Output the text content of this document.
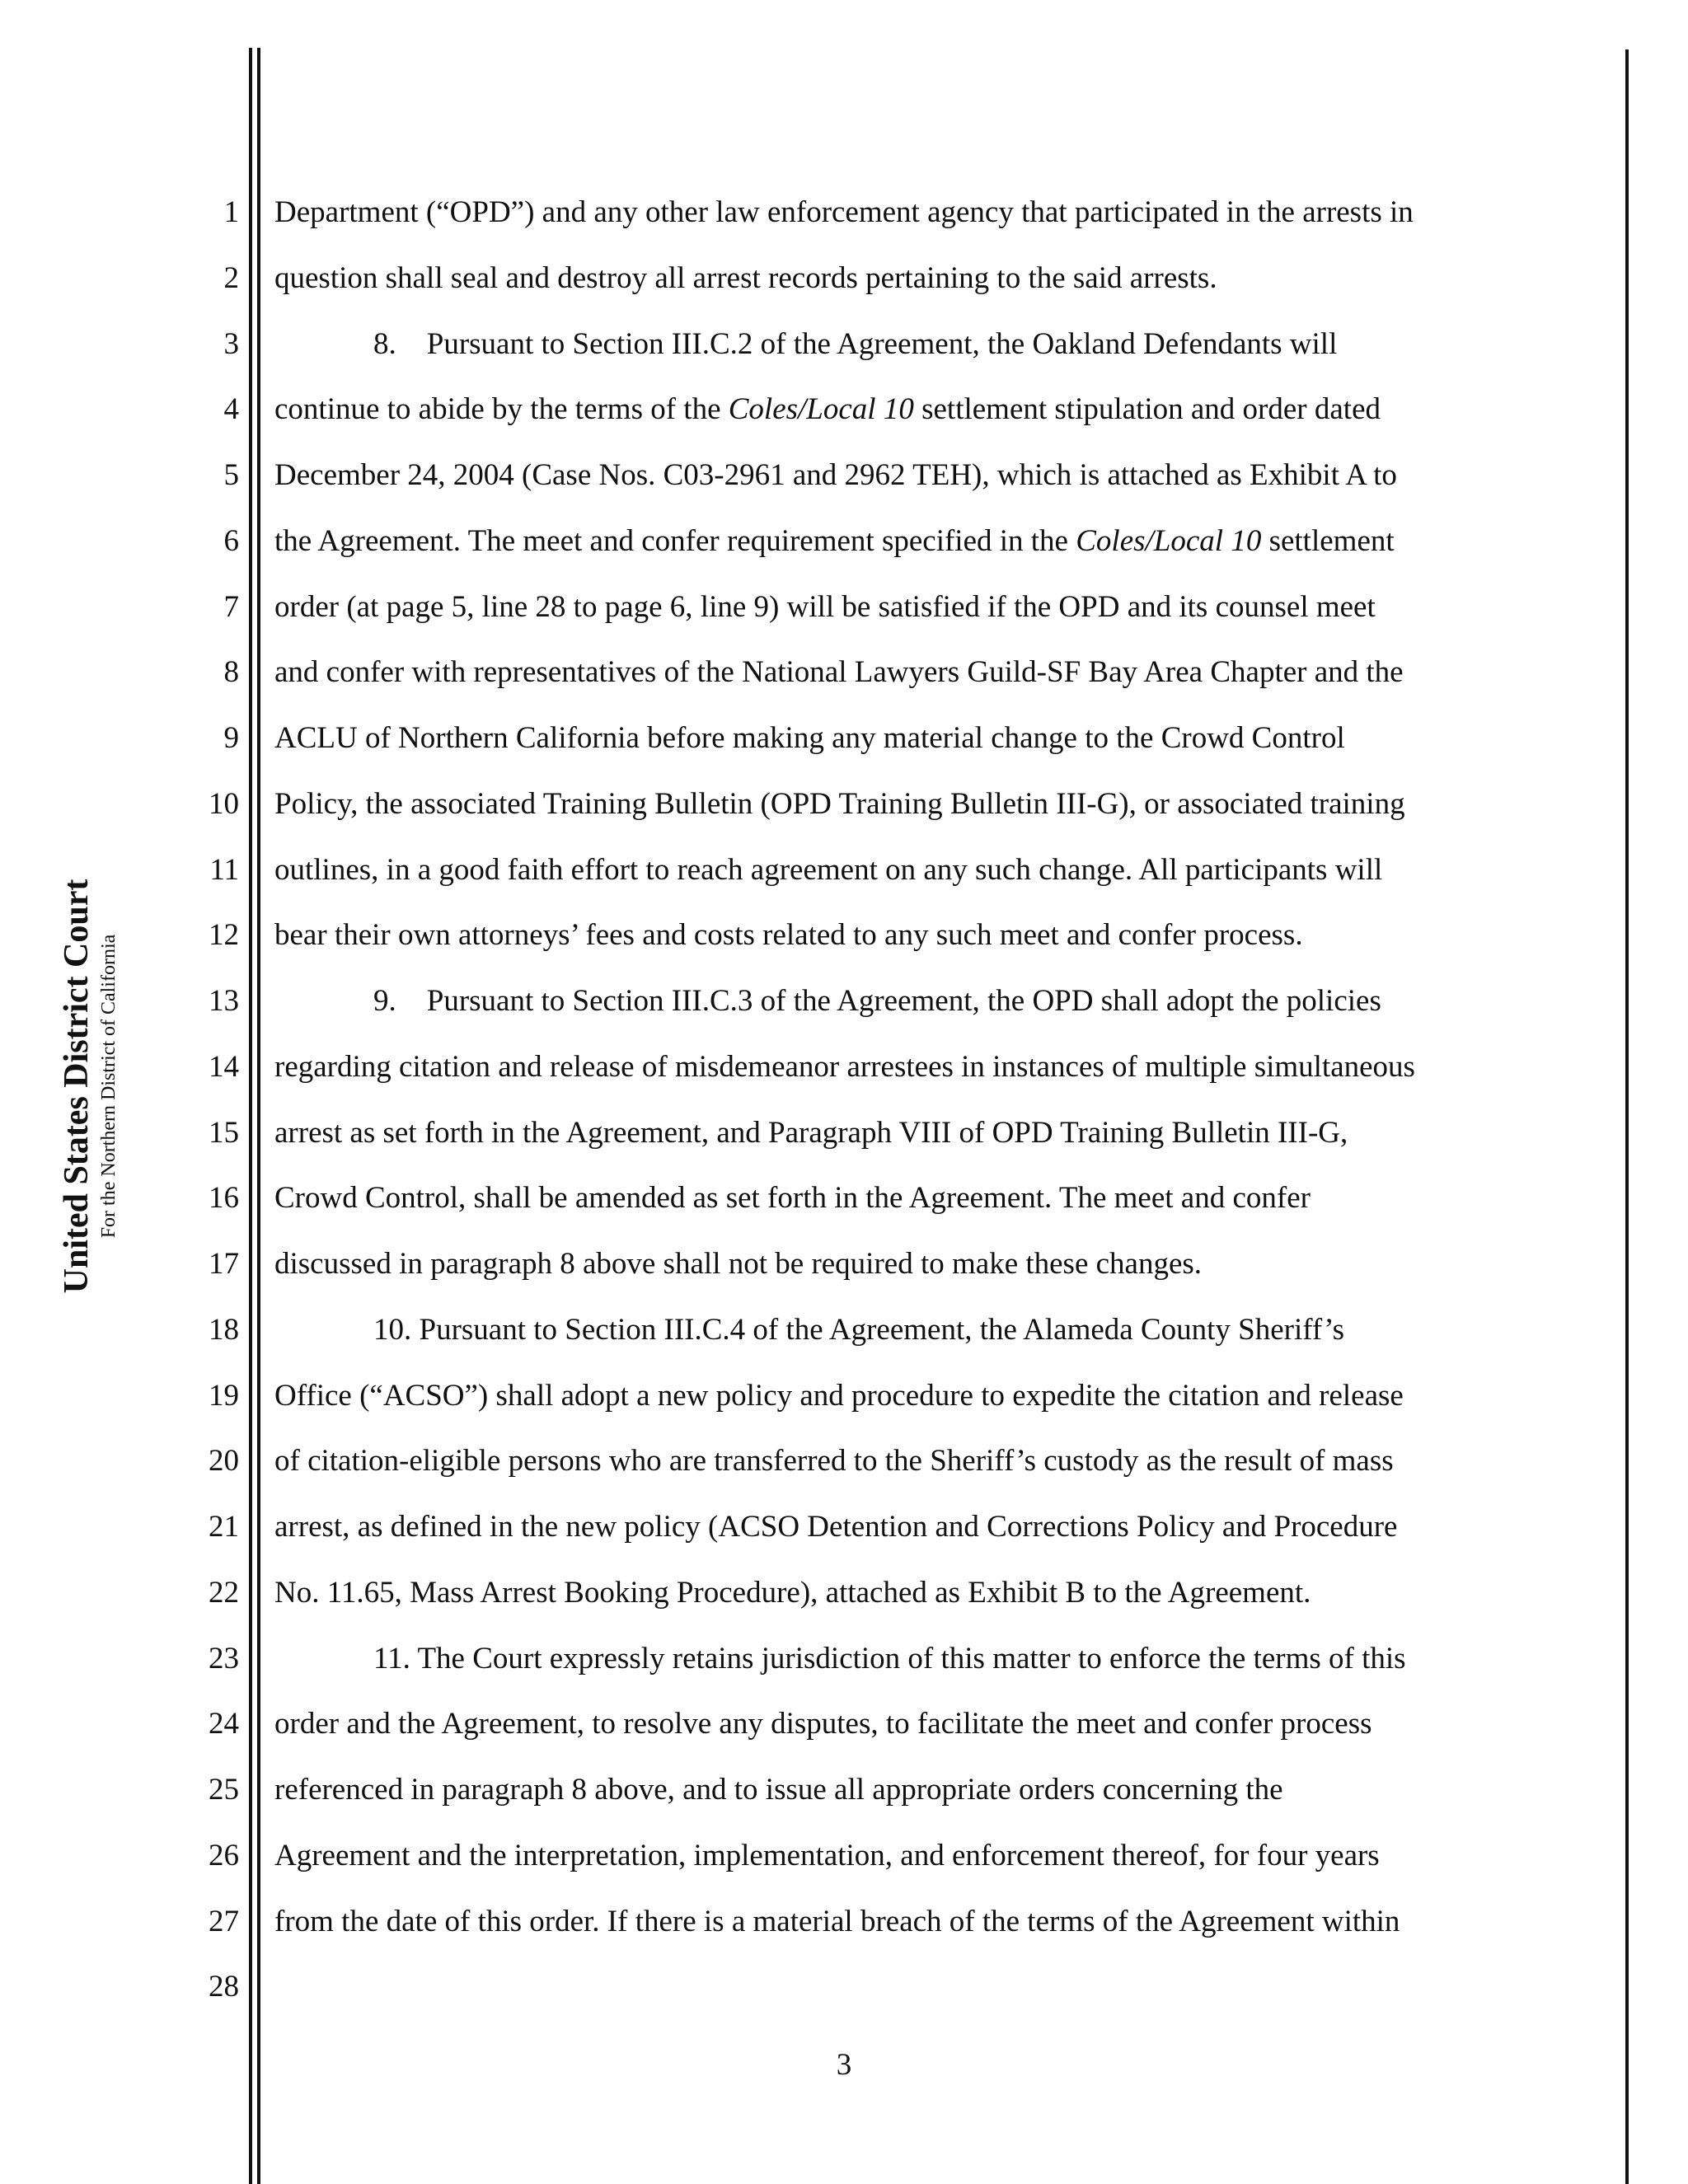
United States District Court For the Northern District of California
1
2
3
4
5
6
7
8
9
10
11
12
13
14
15
16
17
18
19
20
21
22
23
24
25
26
27
28
Department (“OPD”) and any other law enforcement agency that participated in the arrests in
question shall seal and destroy all arrest records pertaining to the said arrests.
8. Pursuant to Section III.C.2 of the Agreement, the Oakland Defendants will
continue to abide by the terms of the Coles/Local 10 settlement stipulation and order dated
December 24, 2004 (Case Nos. C03-2961 and 2962 TEH), which is attached as Exhibit A to
the Agreement. The meet and confer requirement specified in the Coles/Local 10 settlement
order (at page 5, line 28 to page 6, line 9) will be satisfied if the OPD and its counsel meet
and confer with representatives of the National Lawyers Guild-SF Bay Area Chapter and the
ACLU of Northern California before making any material change to the Crowd Control
Policy, the associated Training Bulletin (OPD Training Bulletin III-G), or associated training
outlines, in a good faith effort to reach agreement on any such change. All participants will
bear their own attorneys’ fees and costs related to any such meet and confer process.
9. Pursuant to Section III.C.3 of the Agreement, the OPD shall adopt the policies
regarding citation and release of misdemeanor arrestees in instances of multiple simultaneous
arrest as set forth in the Agreement, and Paragraph VIII of OPD Training Bulletin III-G,
Crowd Control, shall be amended as set forth in the Agreement. The meet and confer
discussed in paragraph 8 above shall not be required to make these changes.
10. Pursuant to Section III.C.4 of the Agreement, the Alameda County Sheriff’s
Office (“ACSO”) shall adopt a new policy and procedure to expedite the citation and release
of citation-eligible persons who are transferred to the Sheriff’s custody as the result of mass
arrest, as defined in the new policy (ACSO Detention and Corrections Policy and Procedure
No. 11.65, Mass Arrest Booking Procedure), attached as Exhibit B to the Agreement.
11. The Court expressly retains jurisdiction of this matter to enforce the terms of this
order and the Agreement, to resolve any disputes, to facilitate the meet and confer process
referenced in paragraph 8 above, and to issue all appropriate orders concerning the
Agreement and the interpretation, implementation, and enforcement thereof, for four years
from the date of this order. If there is a material breach of the terms of the Agreement within
3
